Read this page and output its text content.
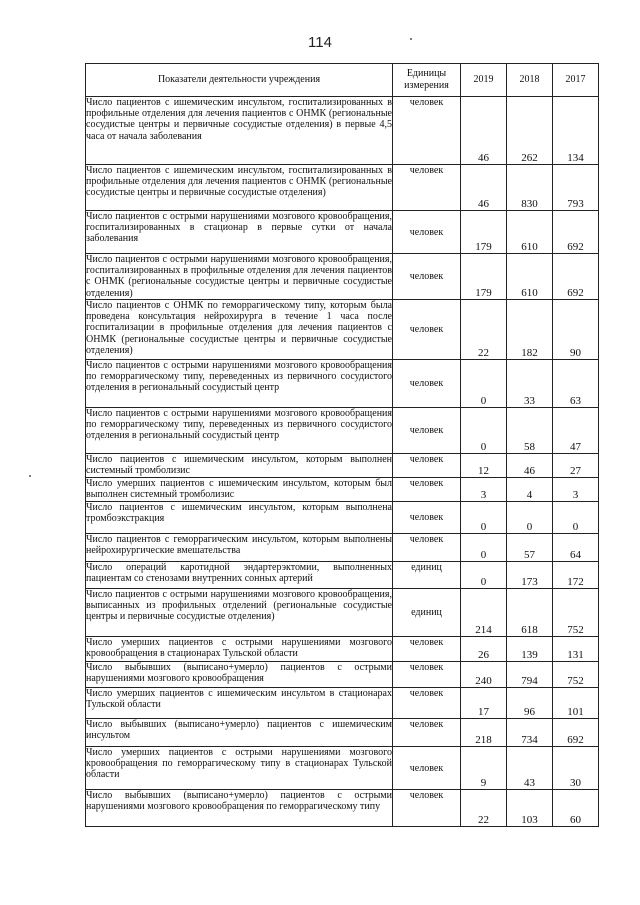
114
Показатели деятельности учреждения	Единицы измерения	2019	2018	2017
Число пациентов с ишемическим инсультом, госпитализированных в профильные отделения для лечения пациентов с ОНМК (региональные сосудистые центры и первичные сосудистые отделения) в первые 4,5 часа от начала заболевания	человек	46	262	134
Число пациентов с ишемическим инсультом, госпитализированных в профильные отделения для лечения пациентов с ОНМК (региональные сосудистые центры и первичные сосудистые отделения)	человек	46	830	793
Число пациентов с острыми нарушениями мозгового кровообращения, госпитализированных в стационар в первые сутки от начала заболевания	человек	179	610	692
Число пациентов с острыми нарушениями мозгового кровообращения, госпитализированных в профильные отделения для лечения пациентов с ОНМК (региональные сосудистые центры и первичные сосудистые отделения)	человек	179	610	692
Число пациентов с ОНМК по геморрагическому типу, которым была проведена консультация нейрохирурга в течение 1 часа после госпитализации в профильные отделения для лечения пациентов с ОНМК (региональные сосудистые центры и первичные сосудистые отделения)	человек	22	182	90
Число пациентов с острыми нарушениями мозгового кровообращения по геморрагическому типу, переведенных из первичного сосудистого отделения в региональный сосудистый центр	человек	0	33	63
Число пациентов с острыми нарушениями мозгового кровообращения по геморрагическому типу, переведенных из первичного сосудистого отделения в региональный сосудистый центр	человек	0	58	47
Число пациентов с ишемическим инсультом, которым выполнен системный тромболизис	человек	12	46	27
Число умерших пациентов с ишемическим инсультом, которым был выполнен системный тромболизис	человек	3	4	3
Число пациентов с ишемическим инсультом, которым выполнена тромбоэкстракция	человек	0	0	0
Число пациентов с геморрагическим инсультом, которым выполнены нейрохирургические вмешательства	человек	0	57	64
Число операций каротидной эндартерэктомии, выполненных пациентам со стенозами внутренних сонных артерий	единиц	0	173	172
Число пациентов с острыми нарушениями мозгового кровообращения, выписанных из профильных отделений (региональные сосудистые центры и первичные сосудистые отделения)	единиц	214	618	752
Число умерших пациентов с острыми нарушениями мозгового кровообращения в стационарах Тульской области	человек	26	139	131
Число выбывших (выписано+умерло) пациентов с острыми нарушениями мозгового кровообращения	человек	240	794	752
Число умерших пациентов с ишемическим инсультом в стационарах Тульской области	человек	17	96	101
Число выбывших (выписано+умерло) пациентов с ишемическим инсультом	человек	218	734	692
Число умерших пациентов с острыми нарушениями мозгового кровообращения по геморрагическому типу в стационарах Тульской области	человек	9	43	30
Число выбывших (выписано+умерло) пациентов с острыми нарушениями мозгового кровообращения по геморрагическому типу	человек	22	103	60
